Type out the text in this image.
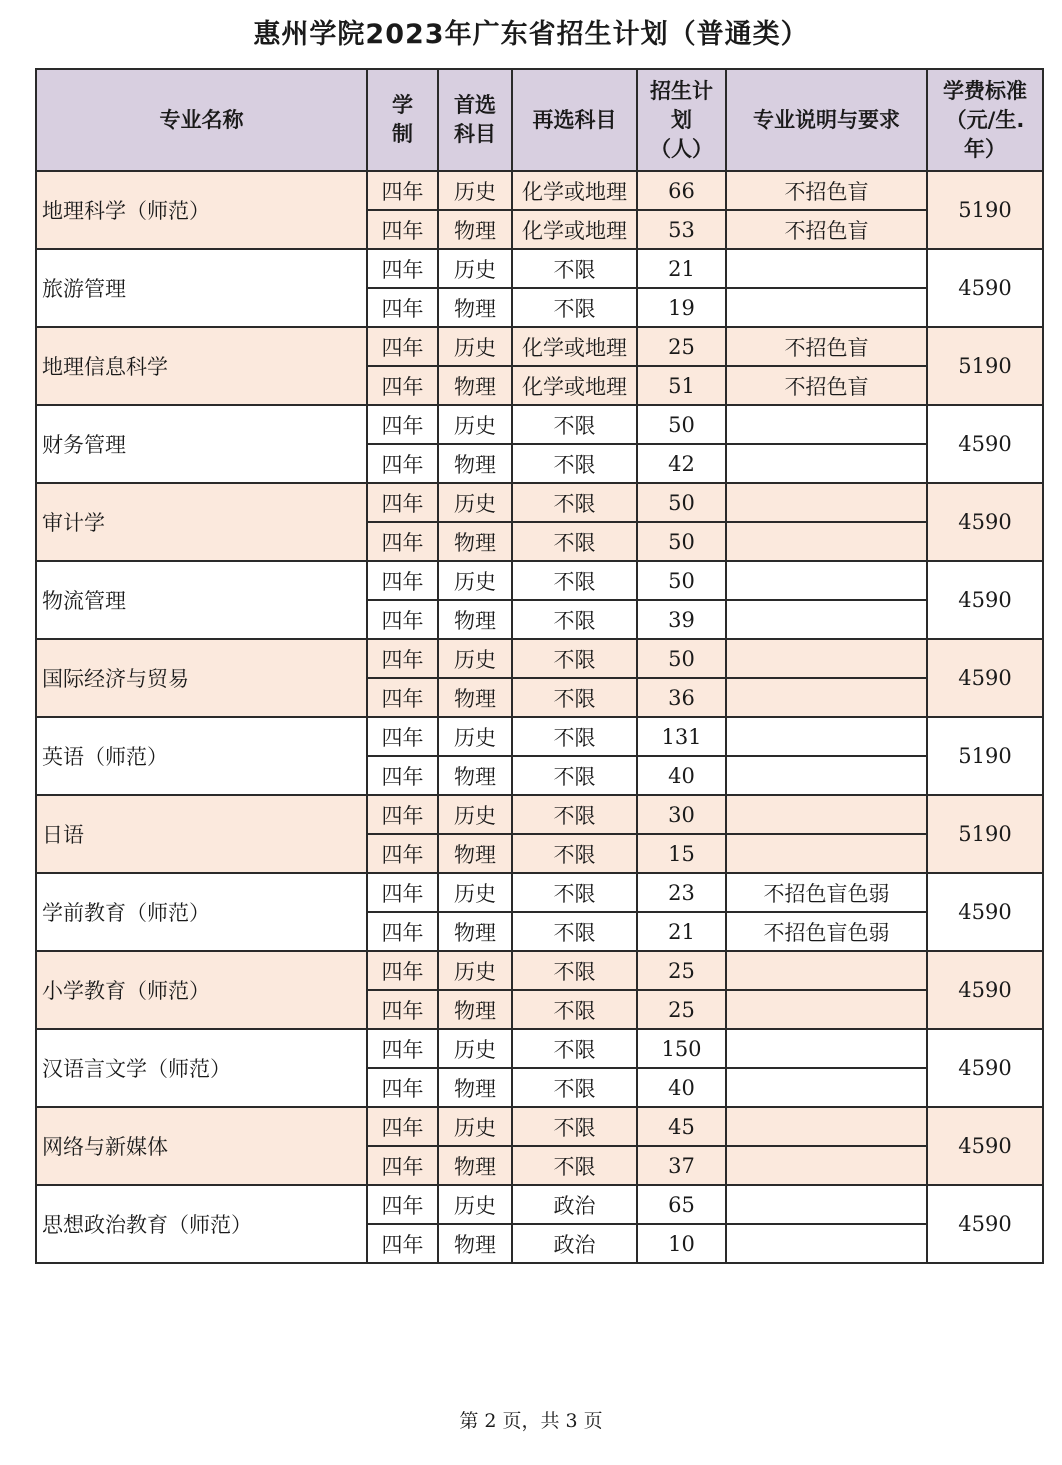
惠州学院2023年广东省招生计划（普通类）
专业名称	学制	首选科目	再选科目	招生计划（人）	专业说明与要求	学费标准（元/生.年）

地理科学（师范）	四年	历史	化学或地理	66	不招色盲	5190
	四年	物理	化学或地理	53	不招色盲	
旅游管理	四年	历史	不限	21		4590
	四年	物理	不限	19		
地理信息科学	四年	历史	化学或地理	25	不招色盲	5190
	四年	物理	化学或地理	51	不招色盲	
财务管理	四年	历史	不限	50		4590
	四年	物理	不限	42		
审计学	四年	历史	不限	50		4590
	四年	物理	不限	50		
物流管理	四年	历史	不限	50		4590
	四年	物理	不限	39		
国际经济与贸易	四年	历史	不限	50		4590
	四年	物理	不限	36		
英语（师范）	四年	历史	不限	131		5190
	四年	物理	不限	40		
日语	四年	历史	不限	30		5190
	四年	物理	不限	15		
学前教育（师范）	四年	历史	不限	23	不招色盲色弱	4590
	四年	物理	不限	21	不招色盲色弱	
小学教育（师范）	四年	历史	不限	25		4590
	四年	物理	不限	25		
汉语言文学（师范）	四年	历史	不限	150		4590
	四年	物理	不限	40		
网络与新媒体	四年	历史	不限	45		4590
	四年	物理	不限	37		
思想政治教育（师范）	四年	历史	政治	65		4590
	四年	物理	政治	10		
第 2 页，共 3 页
